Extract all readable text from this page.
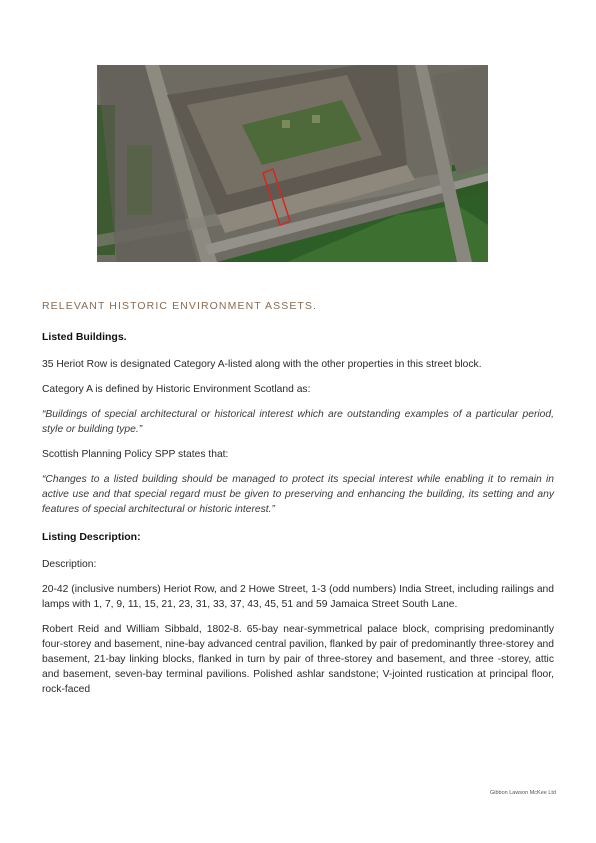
RELEVANT HISTORIC ENVIRONMENT ASSETS.
Listed Buildings.

35 Heriot Row is designated Category A-listed along with the other properties in this street block.

Category A is defined by Historic Environment Scotland as:

“Buildings of special architectural or historical interest which are outstanding examples of a particular period, style or building type.”

Scottish Planning Policy SPP states that:

“Changes to a listed building should be managed to protect its special interest while enabling it to remain in active use and that special regard must be given to preserving and enhancing the building, its setting and any features of special architectural or historic interest.”

Listing Description:

Description:

20-42 (inclusive numbers) Heriot Row, and 2 Howe Street, 1-3 (odd numbers) India Street, including railings and lamps with 1, 7, 9, 11, 15, 21, 23, 31, 33, 37, 43, 45, 51 and 59 Jamaica Street South Lane.

Robert Reid and William Sibbald, 1802-8. 65-bay near-symmetrical palace block, comprising predominantly four-storey and basement, nine-bay advanced central pavilion, flanked by pair of predominantly three-storey and basement, 21-bay linking blocks, flanked in turn by pair of three-storey and basement, and three -storey, attic and basement, seven-bay terminal pavilions. Polished ashlar sandstone; V-jointed rustication at principal floor, rock-faced

Gibbon Lawson McKee Ltd
